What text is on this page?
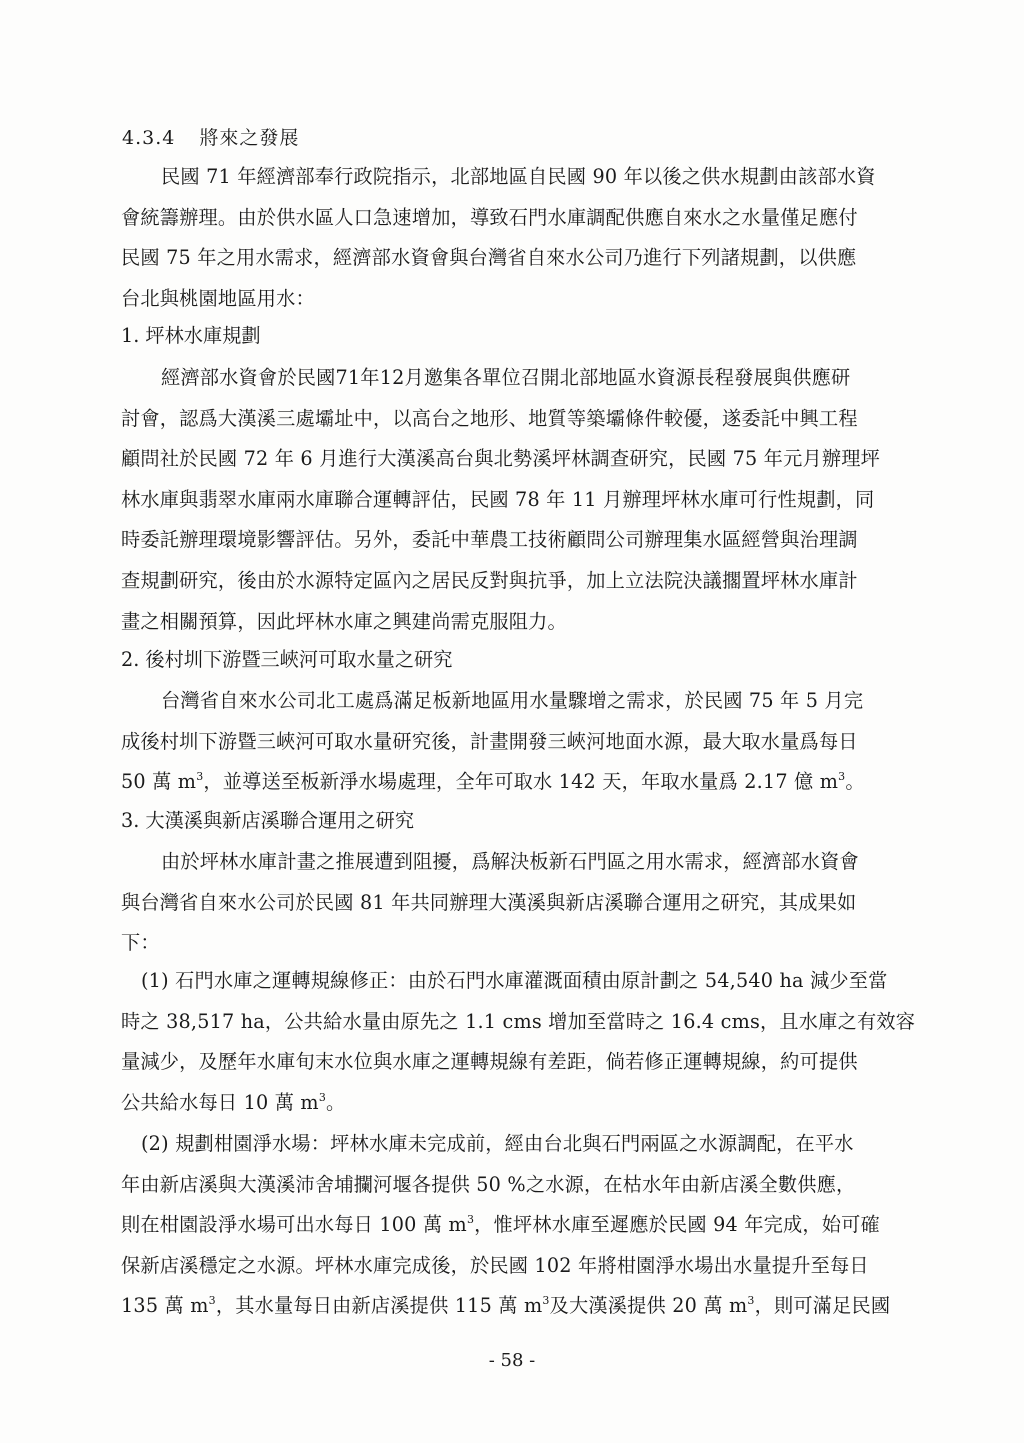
4.3.4 將來之發展
民國 71 年經濟部奉行政院指示，北部地區自民國 90 年以後之供水規劃由該部水資
會統籌辦理。由於供水區人口急速增加，導致石門水庫調配供應自來水之水量僅足應付
民國 75 年之用水需求，經濟部水資會與台灣省自來水公司乃進行下列諸規劃，以供應
台北與桃園地區用水：
1. 坪林水庫規劃
經濟部水資會於民國71年12月邀集各單位召開北部地區水資源長程發展與供應研
討會，認爲大漢溪三處壩址中，以高台之地形、地質等築壩條件較優，遂委託中興工程
顧問社於民國 72 年 6 月進行大漢溪高台與北勢溪坪林調查研究，民國 75 年元月辦理坪
林水庫與翡翠水庫兩水庫聯合運轉評估，民國 78 年 11 月辦理坪林水庫可行性規劃，同
時委託辦理環境影響評估。另外，委託中華農工技術顧問公司辦理集水區經營與治理調
查規劃研究，後由於水源特定區內之居民反對與抗爭，加上立法院決議擱置坪林水庫計
畫之相關預算，因此坪林水庫之興建尚需克服阻力。
2. 後村圳下游暨三峽河可取水量之研究
台灣省自來水公司北工處爲滿足板新地區用水量驟增之需求，於民國 75 年 5 月完
成後村圳下游暨三峽河可取水量研究後，計畫開發三峽河地面水源，最大取水量爲每日
50 萬 $m^3$，並導送至板新淨水場處理，全年可取水 142 天，年取水量爲 2.17 億 $m^3$。
3. 大漢溪與新店溪聯合運用之研究
由於坪林水庫計畫之推展遭到阻擾，爲解決板新石門區之用水需求，經濟部水資會
與台灣省自來水公司於民國 81 年共同辦理大漢溪與新店溪聯合運用之研究，其成果如
下：
(1) 石門水庫之運轉規線修正：由於石門水庫灌溉面積由原計劃之 54,540 ha 減少至當
時之 38,517 ha，公共給水量由原先之 1.1 cms 增加至當時之 16.4 cms，且水庫之有效容
量減少，及歷年水庫旬末水位與水庫之運轉規線有差距，倘若修正運轉規線，約可提供
公共給水每日 10 萬 $m^3$。
(2) 規劃柑園淨水場：坪林水庫未完成前，經由台北與石門兩區之水源調配，在平水
年由新店溪與大漢溪沛舍埔攔河堰各提供 50 %之水源，在枯水年由新店溪全數供應，
則在柑園設淨水場可出水每日 100 萬 $m^3$，惟坪林水庫至遲應於民國 94 年完成，始可確
保新店溪穩定之水源。坪林水庫完成後，於民國 102 年將柑園淨水場出水量提升至每日
135 萬 $m^3$，其水量每日由新店溪提供 115 萬 $m^3$及大漢溪提供 20 萬 $m^3$，則可滿足民國
- 58 -
